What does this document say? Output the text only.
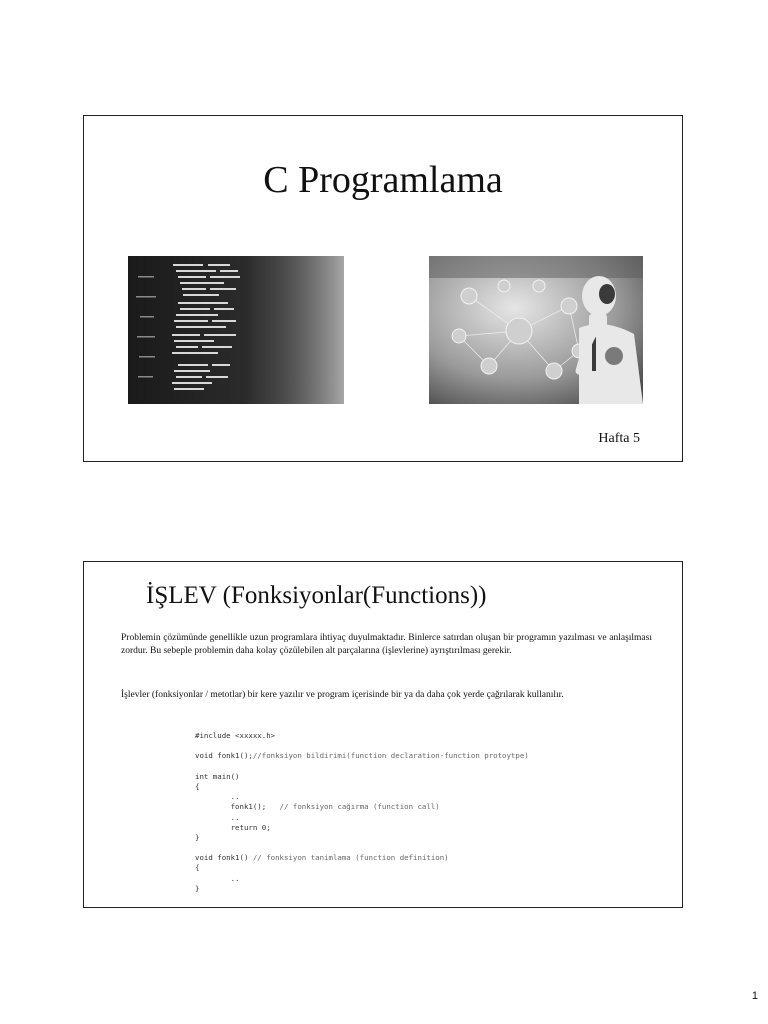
C Programlama
Hafta 5
İŞLEV (Fonksiyonlar(Functions))
Problemin çözümünde genellikle uzun programlara ihtiyaç duyulmaktadır. Binlerce satırdan oluşan bir programın yazılması ve anlaşılması zordur. Bu sebeple problemin daha kolay çözülebilen alt parçalarına (işlevlerine) ayrıştırılması gerekir.
İşlevler (fonksiyonlar / metotlar) bir kere yazılır ve program içerisinde bir ya da daha çok yerde çağrılarak kullanılır.
#include <xxxxx.h>
void fonk1();//fonksiyon bildirimi(function declaration-function protoytpe)
int main()
{
..
fonk1();   // fonksiyon cağırma (function call)
..
return 0;
}
void fonk1() // fonksiyon tanimlama (function definition)
{
..
}
1
